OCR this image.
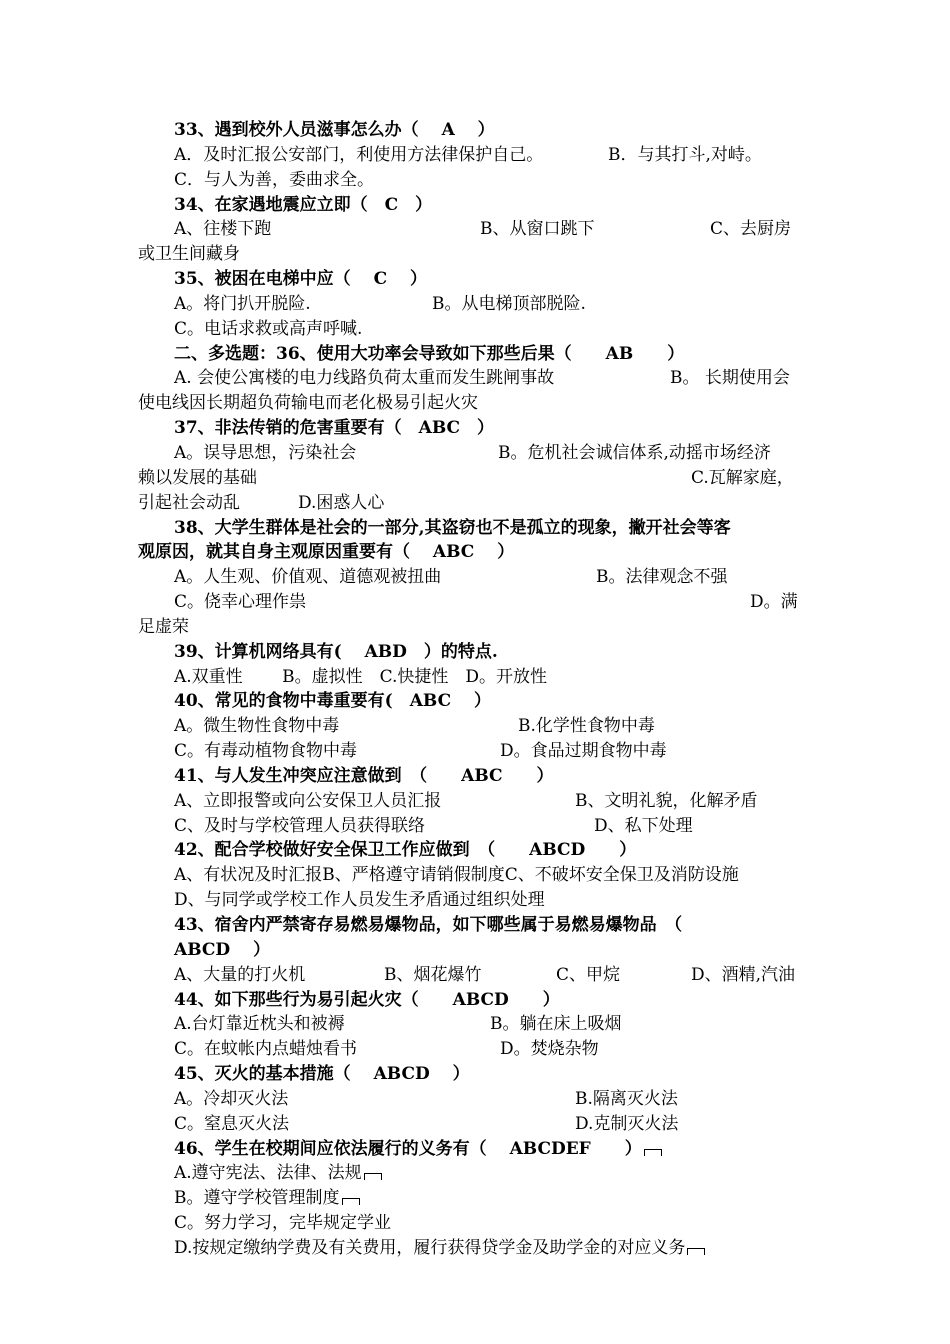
33、遇到校外人员滋事怎么办（　 A　 ）
A．及时汇报公安部门，利使用方法律保护自己。	B．与其打斗,对峙。
C．与人为善，委曲求全。
34、在家遇地震应立即（　C　）
A、往楼下跑	B、从窗口跳下	C、去厨房
或卫生间藏身
35、被困在电梯中应（　 C　 ）
A。将门扒开脱险.	B。从电梯顶部脱险.
C。电话求救或高声呼喊.
二、多选题：36、使用大功率会导致如下那些后果（　　AB　　）
A. 会使公寓楼的电力线路负荷太重而发生跳闸事故	B。 长期使用会
使电线因长期超负荷输电而老化极易引起火灾
37、非法传销的危害重要有（　ABC　）
A。误导思想，污染社会	B。危机社会诚信体系,动摇市场经济
赖以发展的基础	C.瓦解家庭，
引起社会动乱	D.困惑人心
38、大学生群体是社会的一部分,其盗窃也不是孤立的现象，撇开社会等客
观原因，就其自身主观原因重要有（　 ABC　 ）
A。人生观、价值观、道德观被扭曲	B。法律观念不强
C。侥幸心理作祟	D。满
足虚荣
39、计算机网络具有(　 ABD　）的特点.
A.双重性　　 B。虚拟性　C.快捷性　D。开放性
40、常见的食物中毒重要有(　ABC　 ）
A。微生物性食物中毒	B.化学性食物中毒
C。有毒动植物食物中毒	D。食品过期食物中毒
41、与人发生冲突应注意做到　（　　ABC　　）
A、立即报警或向公安保卫人员汇报	B、文明礼貌，化解矛盾
C、及时与学校管理人员获得联络	D、私下处理
42、配合学校做好安全保卫工作应做到　（　　ABCD　　）
A、有状况及时汇报B、严格遵守请销假制度C、不破坏安全保卫及消防设施
D、与同学或学校工作人员发生矛盾通过组织处理
43、宿舍内严禁寄存易燃易爆物品，如下哪些属于易燃易爆物品　（
ABCD　 ）
A、大量的打火机	B、烟花爆竹	C、甲烷	D、酒精,汽油
44、如下那些行为易引起火灾（　　ABCD　　）
A.台灯靠近枕头和被褥	B。躺在床上吸烟
C。在蚊帐内点蜡烛看书	D。焚烧杂物
45、灭火的基本措施（　 ABCD　 ）
A。冷却灭火法	B.隔离灭火法
C。窒息灭火法	D.克制灭火法
46、学生在校期间应依法履行的义务有（　 ABCDEF　　）
A.遵守宪法、法律、法规
B。遵守学校管理制度
C。努力学习，完毕规定学业
D.按规定缴纳学费及有关费用，履行获得贷学金及助学金的对应义务
